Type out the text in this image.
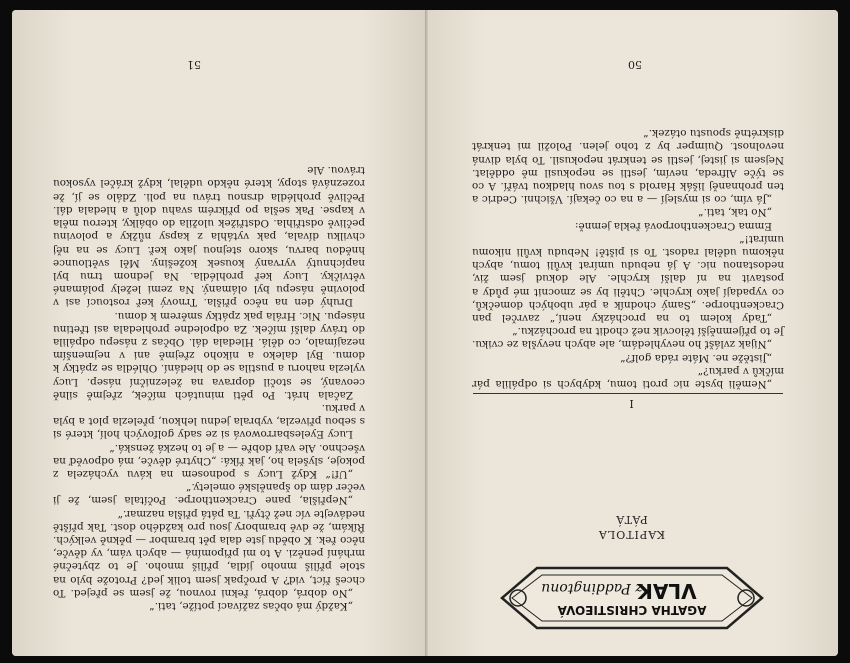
50
AGATHA CHRISTIEOVÁ
VLAK
z Paddingtonu
KAPITOLA
PÁTÁ
I

„Neměli byste nic proti tomu, kdybych si odpálila pár míčků v parku?“

„Jistěže ne. Máte ráda golf?“

„Nijak zvlášť ho nevyhledám, ale abych nevyšla ze cviku. Je to příjemnější tělocvik než chodit na procházku.“

„Tady kolem to na procházky není,“ zavrčel pan Crackenthorpe. „Samý chodník a pár ubohých domečků, co vypadají jako krychle. Chtěli by se zmocnit mé půdy a postavit na ní další krychle. Ale dokud jsem živ, nedostanou nic. A já nebudu umírat kvůli tomu, abych někomu udělal radost. To si piště! Nebudu kvůli nikomu umírat!“

Emma Crackenthorpová řekla jemně:

„No tak, tati.“

„Já vím, co si myslejí — a na co čekají. Všichni. Cedric a ten prohnaněj lišák Harold s tou svou hladkou tváří. A co se týče Alfreda, nevím, jestli se nepokusil mě oddělat. Nejsem si jistej, jestli se tenkrát nepokusil. To byla divná nevolnost. Quimper by z toho jelen. Položil mi tenkrát diskrétně spoustu otázek.“

51

„Každý má občas zažívací potíže, tati.“

„No dobrá, dobrá, řekni rovnou, že jsem se přejed. To chceš říct, viď? A pročpak jsem tolik jed? Protože bylo na stole příliš mnoho jídla, příliš mnoho. Je to zbytečné mrhání penězi. A to mi připomíná — abych vám, vy děvče, něco řek. K obědu jste dala pět brambor — pěkně velkých. Říkám, že dvě brambory jsou pro každého dost. Tak příště nedávejte víc než čtyři. Ta pátá přišla nazmar.“

„Nepřišla, pane Crackenthorpe. Počítala jsem, že ji večer dám do španělské omelety.“

„Uf!“ Když Lucy s podnosem na kávu vycházela z pokoje, slyšela ho, jak říká: „Chytré děvče, má odpověď na všechno. Ale vaří dobře — a je to hezká ženská.“

Lucy Eyelesbarrowová si ze sady golfových holí, které si s sebou přivezla, vybrala jednu lehkou, přelezla plot a byla v parku.

Začala hrát. Po pěti minutách míček, zřejmě silně ceovaný, se stočil doprava na železniční násep. Lucy vylezla nahoru a pustila se do hledání. Ohlédla se zpátky k domu. Byl daleko a nikoho zřejmě ani v nejmenším nezajímalo, co dělá. Hledala dál. Občas z násepu odpálila do trávy další míček. Za odpoledne prohledala asi třetinu násepu. Nic. Hrála pak zpátky směrem k domu.

Druhý den na něco přišla. Trnový keř rostoucí asi v polovině násepu byl olámaný. Na zemi ležely polámané větvičky. Lucy keř prohlédla. Na jednom trnu byl napíchnutý vyrvaný kousek kožešiny. Měl světlounce hnědou barvu, skoro stejnou jako keř. Lucy se na něj chvilku dívala, pak vytáhla z kapsy nůžky a polovinu pečlivě odstřihla. Odstřižek uložila do obálky, kterou měla v kapse. Pak sešla po příkrém svahu dolů a hledala dál. Pečlivě prohlédla drsnou trávu na poli. Zdálo se jí, že rozeznává stopy, které někdo udělal, když kráčel vysokou trávou. Ale
